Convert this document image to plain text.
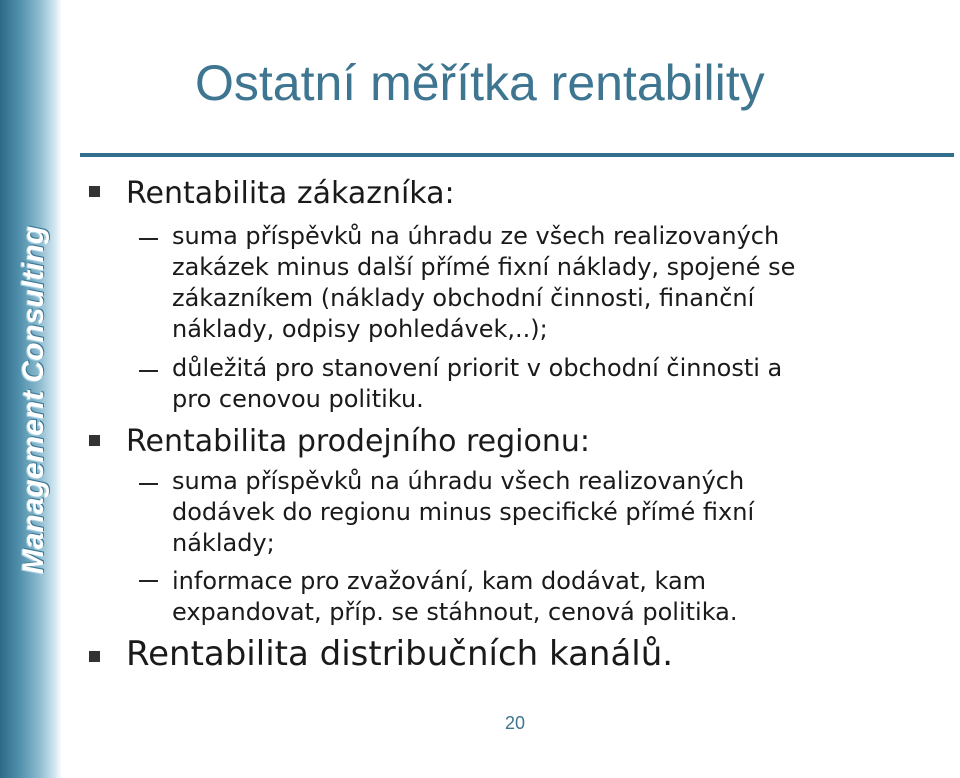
Management Consulting
Ostatní měřítka rentability
Rentabilita zákazníka:
suma příspěvků na úhradu ze všech realizovaných
zakázek minus další přímé fixní náklady, spojené se
zákazníkem (náklady obchodní činnosti, finanční
náklady, odpisy pohledávek,..);
důležitá pro stanovení priorit v obchodní činnosti a
pro cenovou politiku.
Rentabilita prodejního regionu:
suma příspěvků na úhradu všech realizovaných
dodávek do regionu minus specifické přímé fixní
náklady;
informace pro zvažování, kam dodávat, kam
expandovat, příp. se stáhnout, cenová politika.
Rentabilita distribučních kanálů.
20
